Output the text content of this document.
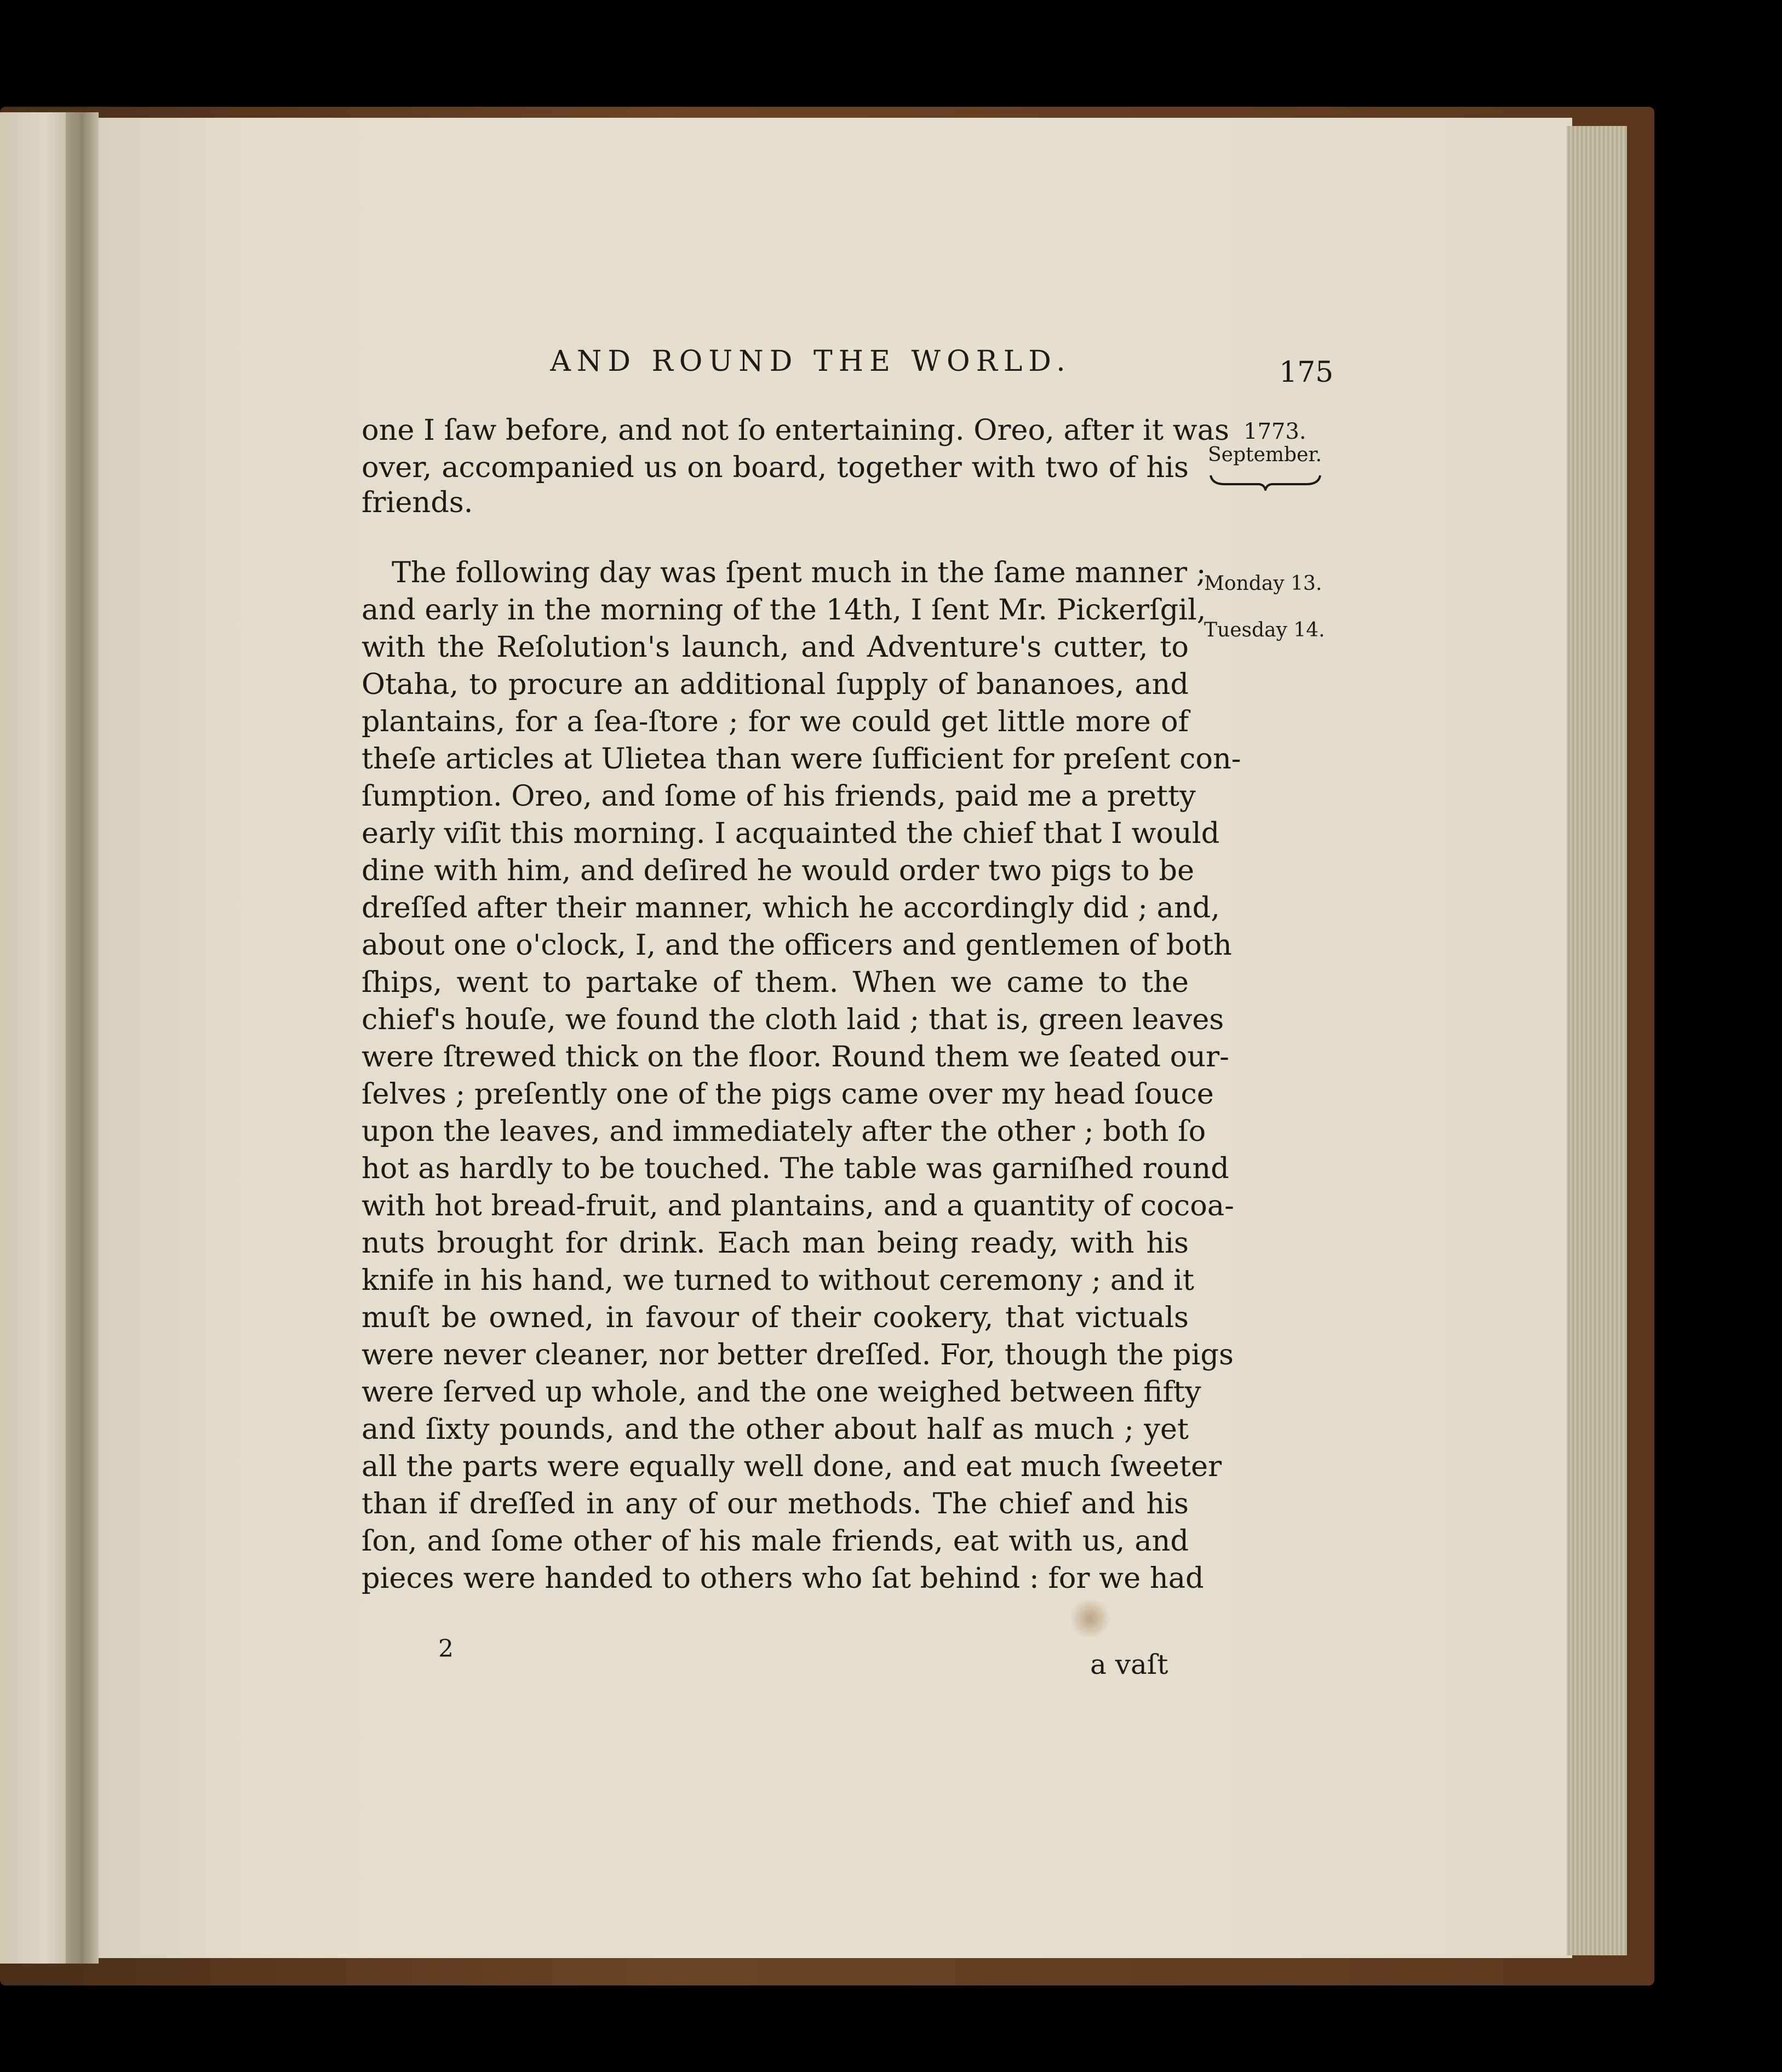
AND ROUND THE WORLD.	175
1773.
September.
Monday 13.
Tuesday 14.
one I ſaw before, and not ſo entertaining. Oreo, after it was
over, accompanied us on board, together with two of his
friends.
The following day was ſpent much in the ſame manner ;
and early in the morning of the 14th, I ſent Mr. Pickerſgil,
with the Reſolution's launch, and Adventure's cutter, to
Otaha, to procure an additional ſupply of bananoes, and
plantains, for a ſea-ſtore ; for we could get little more of
theſe articles at Ulietea than were ſufficient for preſent con-
ſumption. Oreo, and ſome of his friends, paid me a pretty
early viſit this morning. I acquainted the chief that I would
dine with him, and deſired he would order two pigs to be
dreſſed after their manner, which he accordingly did ; and,
about one o'clock, I, and the officers and gentlemen of both
ſhips, went to partake of them. When we came to the
chief's houſe, we found the cloth laid ; that is, green leaves
were ſtrewed thick on the floor. Round them we ſeated our-
ſelves ; preſently one of the pigs came over my head ſouce
upon the leaves, and immediately after the other ; both ſo
hot as hardly to be touched. The table was garniſhed round
with hot bread-fruit, and plantains, and a quantity of cocoa-
nuts brought for drink. Each man being ready, with his
knife in his hand, we turned to without ceremony ; and it
muſt be owned, in favour of their cookery, that victuals
were never cleaner, nor better dreſſed. For, though the pigs
were ſerved up whole, and the one weighed between fifty
and ſixty pounds, and the other about half as much ; yet
all the parts were equally well done, and eat much ſweeter
than if dreſſed in any of our methods. The chief and his
ſon, and ſome other of his male friends, eat with us, and
pieces were handed to others who ſat behind : for we had
2	a vaſt
